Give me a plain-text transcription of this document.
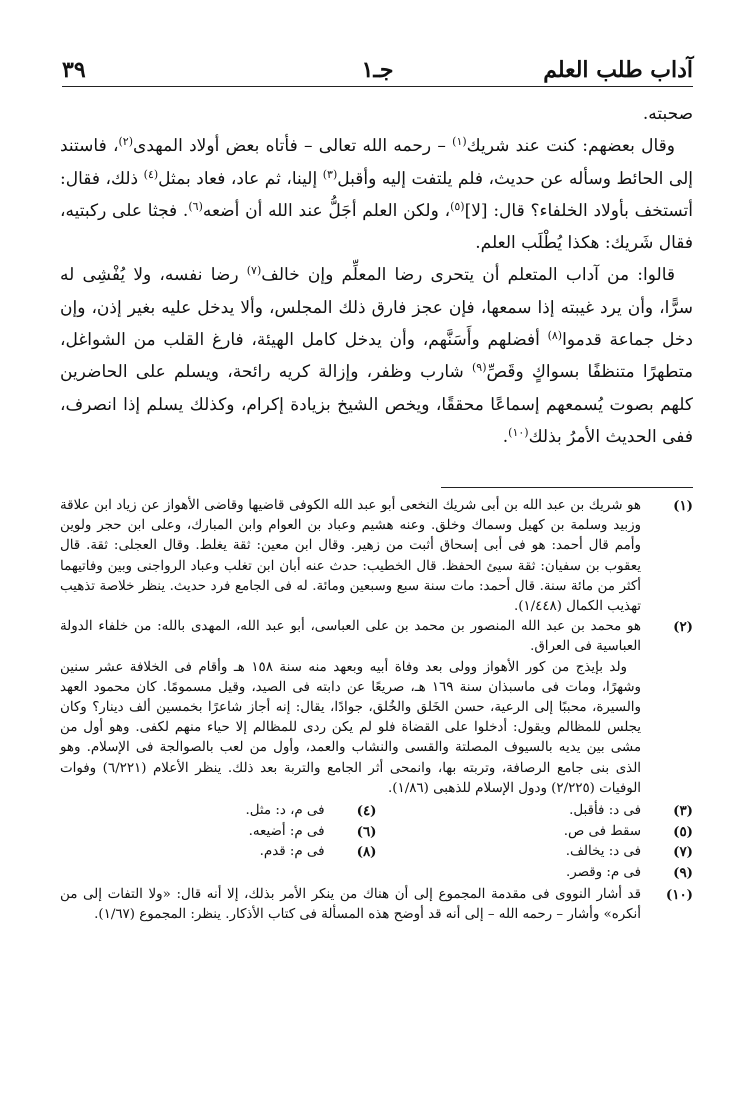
آداب طلب العلم
جـ١
٣٩

صحبته.

وقال بعضهم: كنت عند شريك$^{(١)}$ – رحمه الله تعالى – فأتاه بعض أولاد المهدى$^{(٢)}$، فاستند إلى الحائط وسأله عن حديث، فلم يلتفت إليه وأقبل$^{(٣)}$ إلينا، ثم عاد، فعاد بمثل$^{(٤)}$ ذلك، فقال: أتستخف بأولاد الخلفاء؟ قال: [لا]$^{(٥)}$، ولكن العلم أجَلُّ عند الله أن أضعه$^{(٦)}$. فجثا على ركبتيه، فقال شَريك: هكذا يُطْلَب العلم.

قالوا: من آداب المتعلم أن يتحرى رضا المعلِّم وإن خالف$^{(٧)}$ رضا نفسه، ولا يُفْشِى له سرًّا، وأن يرد غيبته إذا سمعها، فإن عجز فارق ذلك المجلس، وألا يدخل عليه بغير إذن، وإن دخل جماعة قدموا$^{(٨)}$ أفضلهم وأَسَنَّهم، وأن يدخل كامل الهيئة، فارغ القلب من الشواغل، متطهرًا متنظفًا بسواكٍ وقَصِّ$^{(٩)}$ شارب وظفر، وإزالة كريه رائحة، ويسلم على الحاضرين كلهم بصوت يُسمعهم إسماعًا محققًا، ويخص الشيخ بزيادة إكرام، وكذلك يسلم إذا انصرف، ففى الحديث الأمرُ بذلك$^{(١٠)}$.

(١)

هو شريك بن عبد الله بن أبى شريك النخعى أبو عبد الله الكوفى قاضيها وقاضى الأهواز عن زياد ابن علاقة وزبيد وسلمة بن كهيل وسماك وخلق. وعنه هشيم وعباد بن العوام وابن المبارك، وعلى ابن حجر ولوين وأمم قال أحمد: هو فى أبى إسحاق أثبت من زهير. وقال ابن معين: ثقة يغلط. وقال العجلى: ثقة. قال يعقوب بن سفيان: ثقة سيئ الحفظ. قال الخطيب: حدث عنه أبان ابن تغلب وعباد الرواجنى وبين وفاتيهما أكثر من مائة سنة. قال أحمد: مات سنة سبع وسبعين ومائة. له فى الجامع فرد حديث. ينظر خلاصة تذهيب تهذيب الكمال (١/٤٤٨).

(٢)

هو محمد بن عبد الله المنصور بن محمد بن على العباسى، أبو عبد الله، المهدى بالله: من خلفاء الدولة العباسية فى العراق.

ولد بإيذج من كور الأهواز وولى بعد وفاة أبيه وبعهد منه سنة ١٥٨ هـ وأقام فى الخلافة عشر سنين وشهرًا، ومات فى ماسبذان سنة ١٦٩ هـ، صريعًا عن دابته فى الصيد، وقيل مسمومًا. كان محمود العهد والسيرة، محببًا إلى الرعية، حسن الخَلق والخُلق، جوادًا، يقال: إنه أجاز شاعرًا بخمسين ألف دينار؟ وكان يجلس للمظالم ويقول: أدخلوا على القضاة فلو لم يكن ردى للمظالم إلا حياء منهم لكفى. وهو أول من مشى بين يديه بالسيوف المصلتة والقسى والنشاب والعمد، وأول من لعب بالصوالجة فى الإسلام. وهو الذى بنى جامع الرصافة، وتربته بها، وانمحى أثر الجامع والتربة بعد ذلك. ينظر الأعلام (٦/٢٢١) وفوات الوفيات (٢/٢٢٥) ودول الإسلام للذهبى (١/٨٦).

(٣)
فى د: فأقبل.
(٤)
فى م، د: مثل.
(٥)
سقط فى ص.
(٦)
فى م: أضيعه.
(٧)
فى د: يخالف.
(٨)
فى م: قدم.
(٩)
فى م: وقصر.
(١٠)

قد أشار النووى فى مقدمة المجموع إلى أن هناك من ينكر الأمر بذلك، إلا أنه قال: «ولا التفات إلى من أنكره» وأشار – رحمه الله – إلى أنه قد أوضح هذه المسألة فى كتاب الأذكار. ينظر: المجموع (١/٦٧).
